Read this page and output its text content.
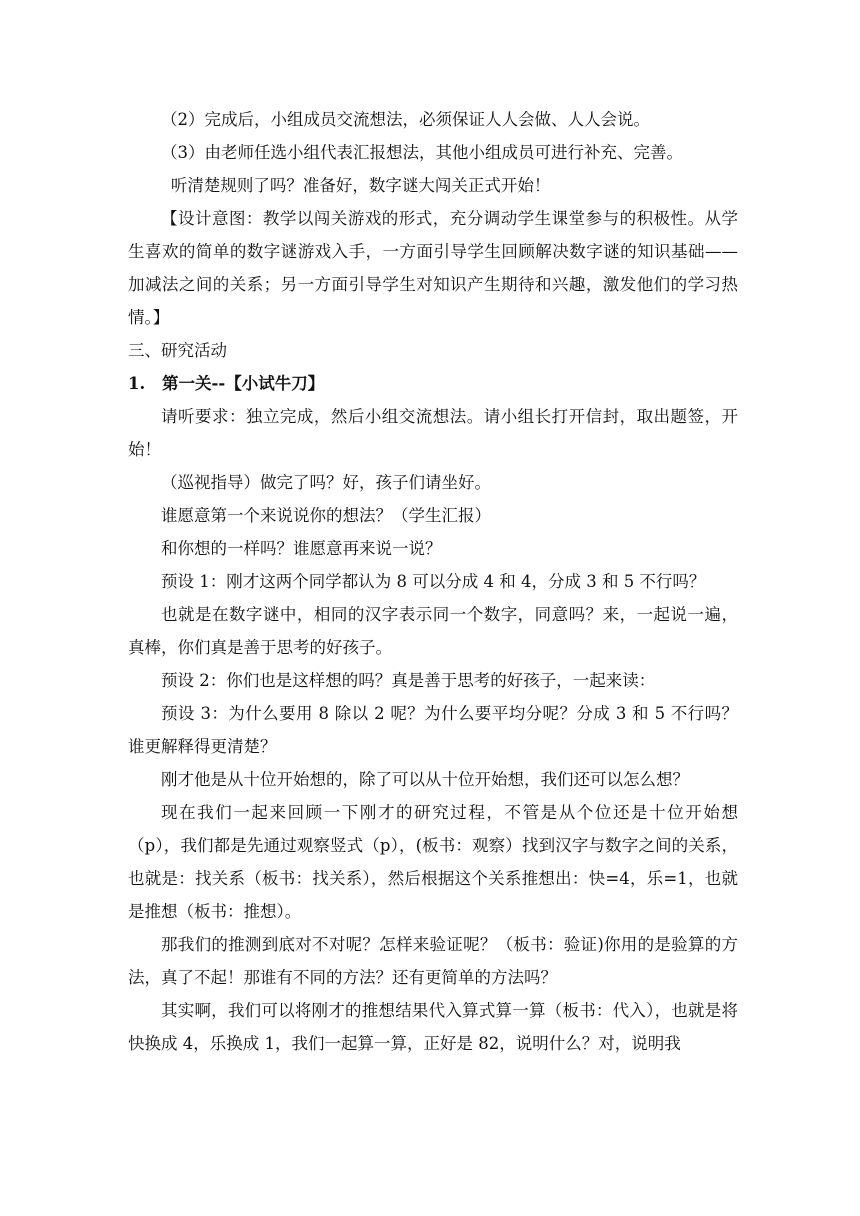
（2）完成后，小组成员交流想法，必须保证人人会做、人人会说。

（3）由老师任选小组代表汇报想法，其他小组成员可进行补充、完善。

听清楚规则了吗？准备好，数字谜大闯关正式开始！

【设计意图：教学以闯关游戏的形式，充分调动学生课堂参与的积极性。从学生喜欢的简单的数字谜游戏入手，一方面引导学生回顾解决数字谜的知识基础——加减法之间的关系；另一方面引导学生对知识产生期待和兴趣，激发他们的学习热情。】

三、研究活动

1. 第一关--【小试牛刀】

请听要求：独立完成，然后小组交流想法。请小组长打开信封，取出题签，开始！

（巡视指导）做完了吗？好，孩子们请坐好。

谁愿意第一个来说说你的想法？（学生汇报）

和你想的一样吗？谁愿意再来说一说？

预设 1：刚才这两个同学都认为 8 可以分成 4 和 4，分成 3 和 5 不行吗？

也就是在数字谜中，相同的汉字表示同一个数字，同意吗？来，一起说一遍，真棒，你们真是善于思考的好孩子。

预设 2：你们也是这样想的吗？真是善于思考的好孩子，一起来读：

预设 3：为什么要用 8 除以 2 呢？为什么要平均分呢？分成 3 和 5 不行吗？谁更解释得更清楚？

刚才他是从十位开始想的，除了可以从十位开始想，我们还可以怎么想？

现在我们一起来回顾一下刚才的研究过程，不管是从个位还是十位开始想（p），我们都是先通过观察竖式（p），(板书：观察）找到汉字与数字之间的关系，也就是：找关系（板书：找关系），然后根据这个关系推想出：快=4，乐=1，也就是推想（板书：推想）。

那我们的推测到底对不对呢？怎样来验证呢？（板书：验证)你用的是验算的方法，真了不起！那谁有不同的方法？还有更简单的方法吗？

其实啊，我们可以将刚才的推想结果代入算式算一算（板书：代入），也就是将快换成 4，乐换成 1，我们一起算一算，正好是 82，说明什么？对，说明我
